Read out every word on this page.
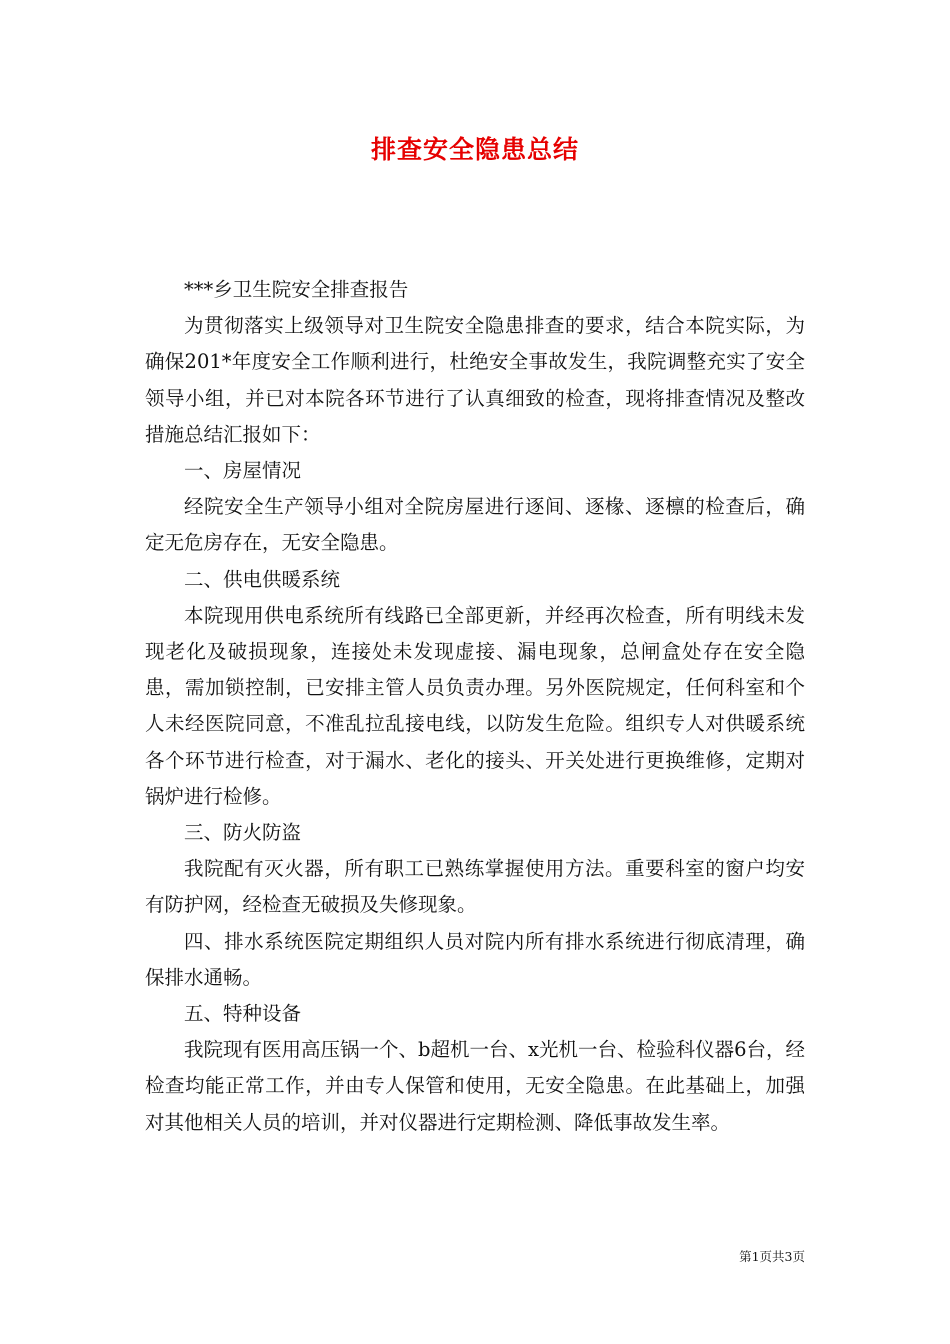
排查安全隐患总结

***乡卫生院安全排查报告

为贯彻落实上级领导对卫生院安全隐患排查的要求，结合本院实际，为确保201*年度安全工作顺利进行，杜绝安全事故发生，我院调整充实了安全领导小组，并已对本院各环节进行了认真细致的检查，现将排查情况及整改措施总结汇报如下：

一、房屋情况

经院安全生产领导小组对全院房屋进行逐间、逐椽、逐檩的检查后，确定无危房存在，无安全隐患。

二、供电供暖系统

本院现用供电系统所有线路已全部更新，并经再次检查，所有明线未发现老化及破损现象，连接处未发现虚接、漏电现象，总闸盒处存在安全隐患，需加锁控制，已安排主管人员负责办理。另外医院规定，任何科室和个人未经医院同意，不准乱拉乱接电线，以防发生危险。组织专人对供暖系统各个环节进行检查，对于漏水、老化的接头、开关处进行更换维修，定期对锅炉进行检修。

三、防火防盗

我院配有灭火器，所有职工已熟练掌握使用方法。重要科室的窗户均安有防护网，经检查无破损及失修现象。

四、排水系统医院定期组织人员对院内所有排水系统进行彻底清理，确保排水通畅。

五、特种设备

我院现有医用高压锅一个、b超机一台、x光机一台、检验科仪器6台，经检查均能正常工作，并由专人保管和使用，无安全隐患。在此基础上，加强对其他相关人员的培训，并对仪器进行定期检测、降低事故发生率。

第1页共3页
